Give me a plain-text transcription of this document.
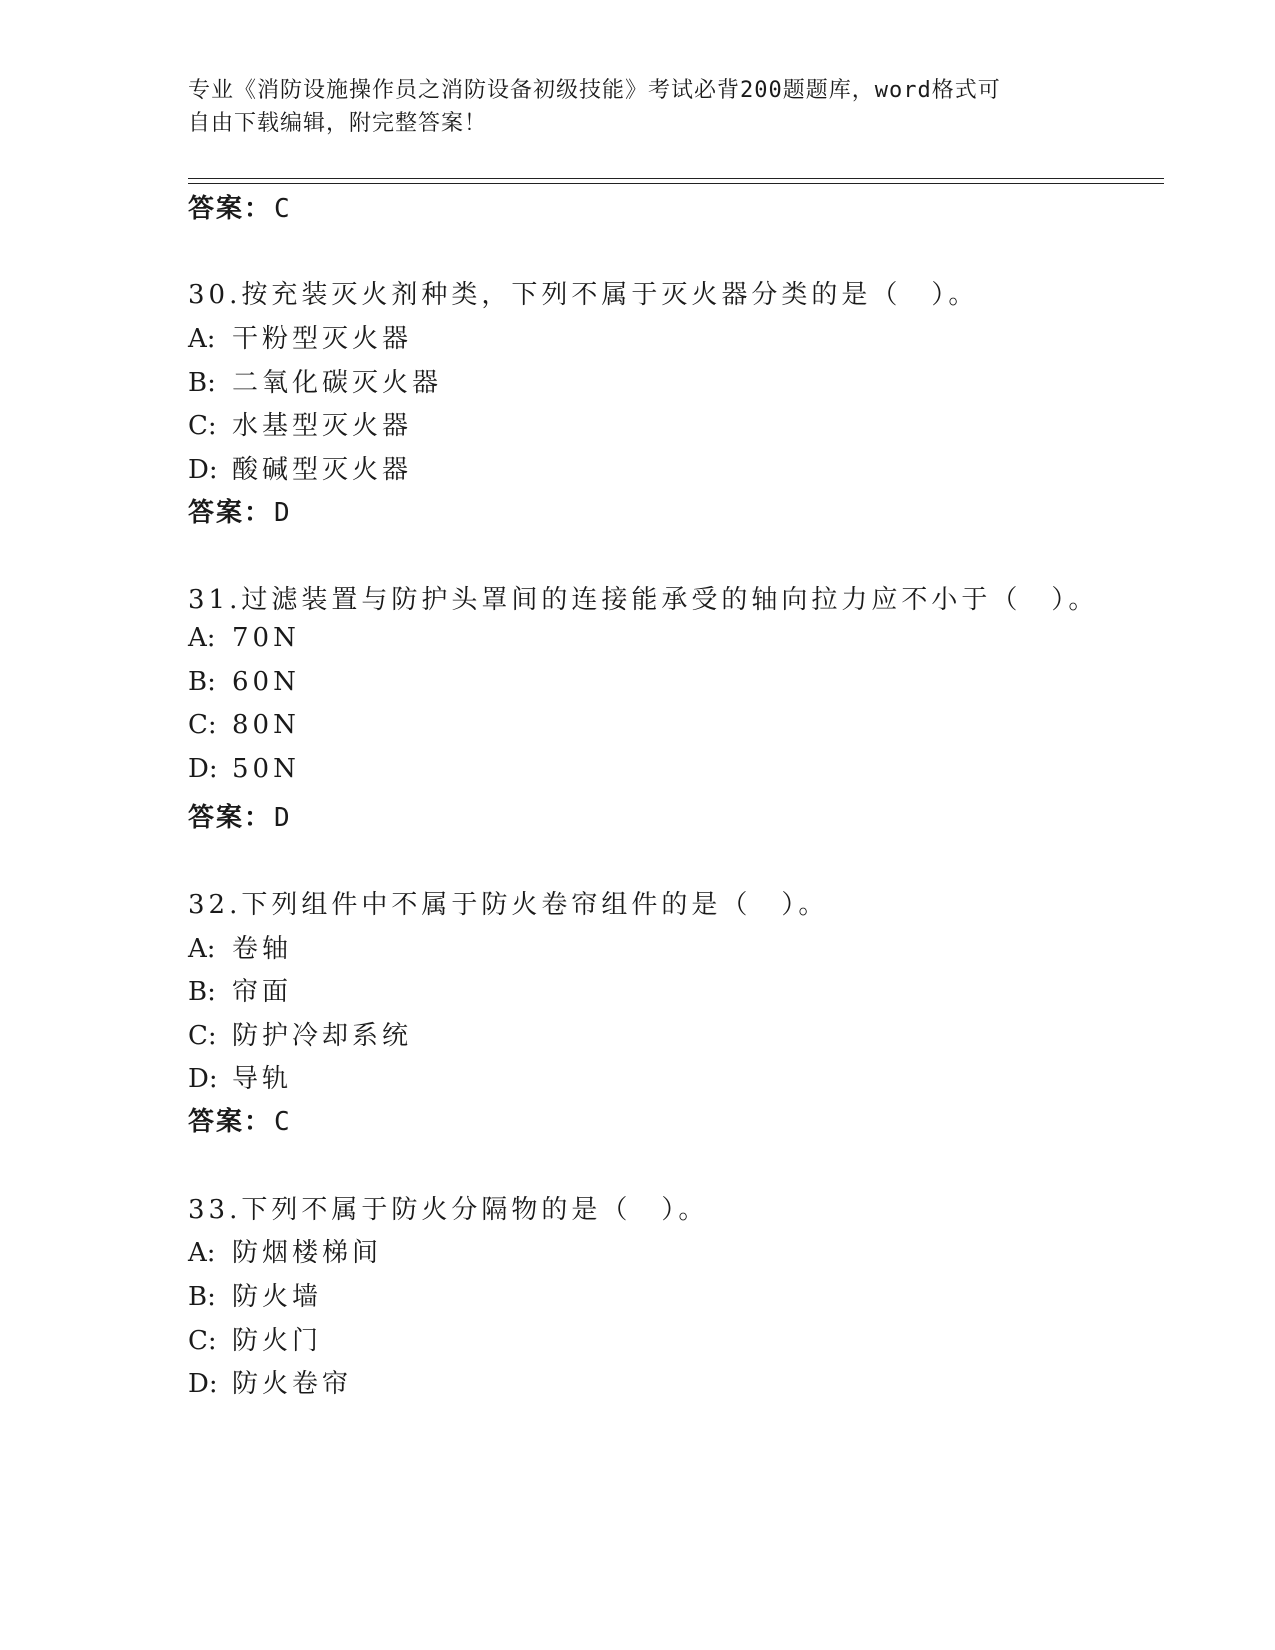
专业《消防设施操作员之消防设备初级技能》考试必背200题题库，word格式可
自由下载编辑，附完整答案！
答案：C
30.按充装灭火剂种类，下列不属于灭火器分类的是（　）。
A: 干粉型灭火器
B: 二氧化碳灭火器
C: 水基型灭火器
D: 酸碱型灭火器
答案：D
31.过滤装置与防护头罩间的连接能承受的轴向拉力应不小于（　）。
A: 70N
B: 60N
C: 80N
D: 50N
答案：D
32.下列组件中不属于防火卷帘组件的是（　）。
A: 卷轴
B: 帘面
C: 防护冷却系统
D: 导轨
答案：C
33.下列不属于防火分隔物的是（　）。
A: 防烟楼梯间
B: 防火墙
C: 防火门
D: 防火卷帘
